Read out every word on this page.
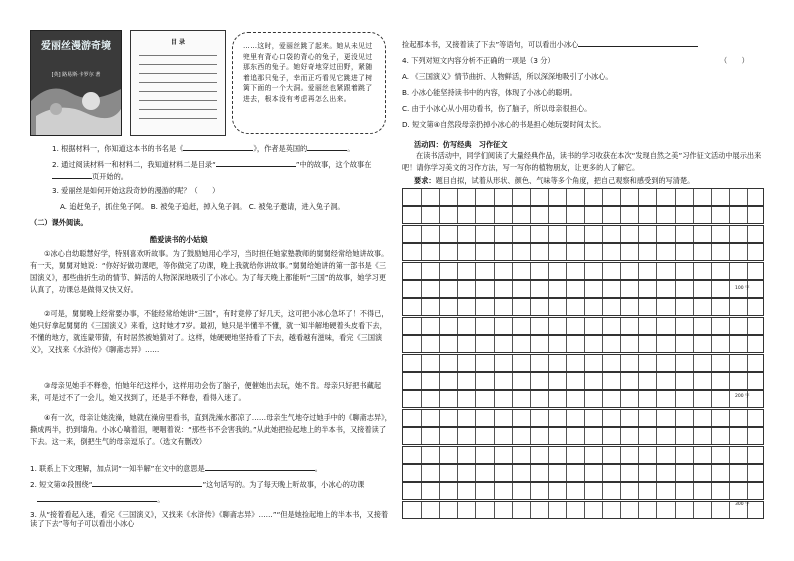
爱丽丝漫游奇境
[英] 路易斯·卡罗尔 著
目 录	……这时，爱丽丝跳了起来。她从未见过兜里有背心口袋的背心的兔子，更没见过那东西的兔子。她好奇地穿过田野，紧随着追那只兔子，幸而正巧看见它跳进了树篱下面的一个大洞。爱丽丝也紧跟着跳了进去，根本没有考虑再怎么出来。

1. 根据材料一，你知道这本书的书名是《	》，作者是英国的	。
2. 通过阅读材料一和材料二，我知道材料二是目录“	”中的故事，这个故事在
页开始的。
3. 爱丽丝是如何开始这段奇妙的漫游的呢？（　　）
A. 追赶兔子，抓住兔子阿。 B. 被兔子追赶，掉入兔子洞。 C. 被兔子邀请，进入兔子洞。
（二）课外阅读。
酷爱读书的小姑娘
①冰心自幼聪慧好学，特别喜欢听故事。为了鼓励她用心学习，当时担任她家塾教师的舅舅经常给她讲故事。有一天，舅舅对她说：“你好好做功课吧，等你做完了功课，晚上我就给你讲故事。”舅舅给她讲的第一部书是《三国演义》，那些曲折生动的情节、鲜活的人物深深地吸引了小冰心。为了每天晚上都能听“三国”的故事，她学习更认真了，功课总是做得又快又好。
②可是，舅舅晚上经常要办事，不能经常给她讲“三国”，有时竟停了好几天，这可把小冰心急坏了！不得已，她只好拿起舅舅的《三国演义》来看，这时她才7岁。最初，她只是半懂半不懂，就一知半解地硬着头皮看下去，不懂的地方，就连蒙带猜，有时居然被她猜对了。这样，她硬硬地坚持看了下去，越看越有滋味，看完《三国演义》，又找来《水浒传》《聊斋志异》……
③母亲见她手不释卷，怕她年纪这样小，这样用功会伤了脑子，便催她出去玩，她不肯。母亲只好把书藏起来，可是过不了一会儿，她又找到了，还是手不释卷，看得入迷了。
④有一次，母亲让她洗澡，她就在澡房里看书，直到洗澡水都凉了……母亲生气地夺过她手中的《聊斋志异》，撕成两半，扔到墙角。小冰心噙着泪，哽咽着说：“那些书不会害我的。”从此她把捡起地上的半本书，又接着读了下去。这一来，倒把生气的母亲逗乐了。（选文有删改）
1. 联系上下文理解，加点词“一知半解”在文中的意思是	。
2. 短文第②段围绕“	”这句话写的。为了每天晚上听故事，小冰心的功课
。
3. 从“接着看起入迷，看完《三国演义》，又找来《水浒传》《聊斋志异》……”“但是她捡起地上的半本书，又接着读了下去”等句子可以看出小冰心
捡起那本书，又接着读了下去”等语句，可以看出小冰心
4. 下列对短文内容分析不正确的一项是（3 分）	（　　）
A. 《三国演义》情节曲折、人物鲜活，所以深深地吸引了小冰心。
B. 小冰心能坚持读书中的内容，体现了小冰心的聪明。
C. 由于小冰心从小用功看书，伤了脑子，所以母亲很担心。
D. 短文第④自然段母亲扔掉小冰心的书是担心她玩耍时间太长。
活动四：仿写经典　习作征文
在读书活动中，同学们阅读了大量经典作品，读书的学习收获在本次“发现自然之美”习作征文活动中展示出来吧！请你学习美文的习作方法，写一写你的植物朋友，让更多的人了解它。
要求：题目自拟，试着从形状、颜色、气味等多个角度，把自己观察和感受到的写清楚。
100 字
200 字
300 字
